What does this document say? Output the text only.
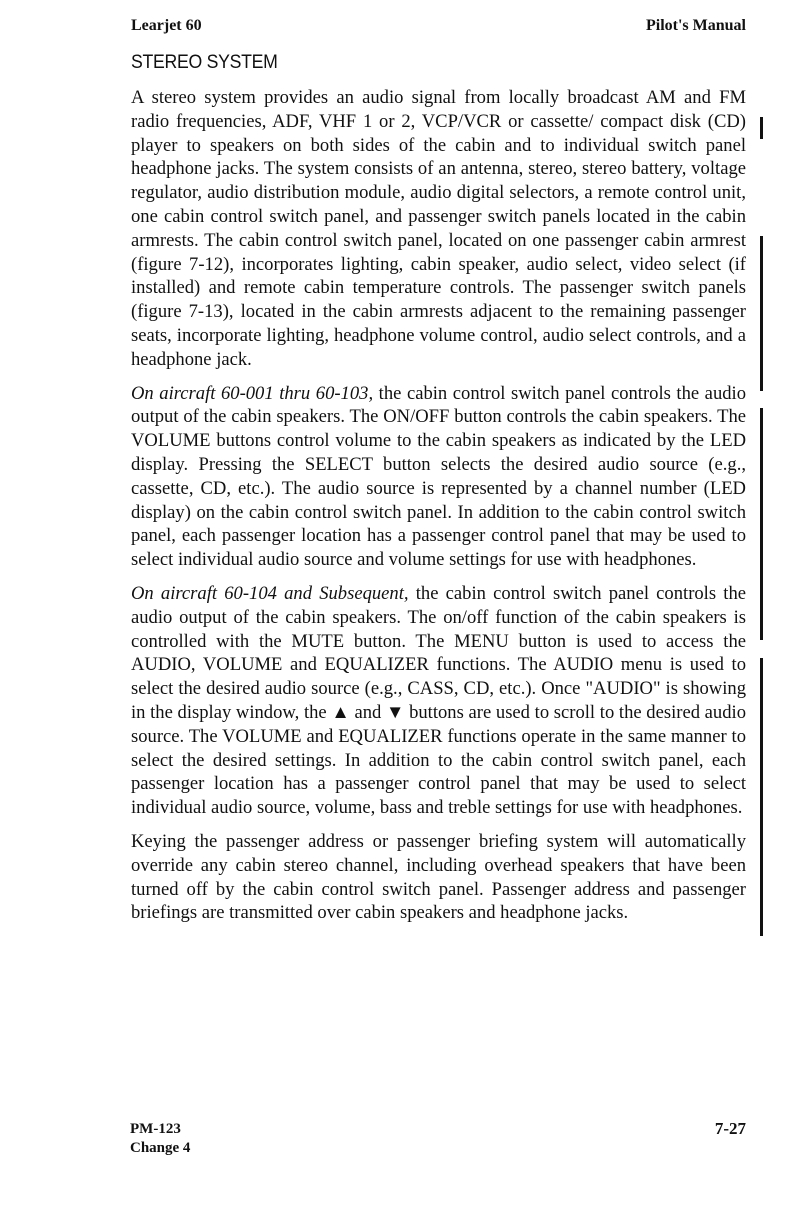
Learjet 60	Pilot's Manual
STEREO SYSTEM

A stereo system provides an audio signal from locally broadcast AM and FM radio frequencies, ADF, VHF 1 or 2, VCP/VCR or cassette/ compact disk (CD) player to speakers on both sides of the cabin and to individual switch panel headphone jacks. The system consists of an antenna, stereo, stereo battery, voltage regulator, audio distribution module, audio digital selectors, a remote control unit, one cabin control switch panel, and passenger switch panels located in the cabin armrests. The cabin control switch panel, located on one passenger cabin armrest (figure 7-12), incorporates lighting, cabin speaker, audio select, video select (if installed) and remote cabin temperature controls. The passenger switch panels (figure 7-13), located in the cabin armrests adjacent to the remaining passenger seats, incorporate lighting, headphone volume control, audio select controls, and a headphone jack.

On aircraft 60-001 thru 60-103, the cabin control switch panel controls the audio output of the cabin speakers. The ON/OFF button controls the cabin speakers. The VOLUME buttons control volume to the cabin speakers as indicated by the LED display. Pressing the SELECT button selects the desired audio source (e.g., cassette, CD, etc.). The audio source is represented by a channel number (LED display) on the cabin control switch panel. In addition to the cabin control switch panel, each passenger location has a passenger control panel that may be used to select individual audio source and volume settings for use with headphones.

On aircraft 60-104 and Subsequent, the cabin control switch panel controls the audio output of the cabin speakers. The on/off function of the cabin speakers is controlled with the MUTE button. The MENU button is used to access the AUDIO, VOLUME and EQUALIZER functions. The AUDIO menu is used to select the desired audio source (e.g., CASS, CD, etc.). Once "AUDIO" is showing in the display window, the ▲ and ▼ buttons are used to scroll to the desired audio source. The VOLUME and EQUALIZER functions operate in the same manner to select the desired settings. In addition to the cabin control switch panel, each passenger location has a passenger control panel that may be used to select individual audio source, volume, bass and treble settings for use with headphones.

Keying the passenger address or passenger briefing system will automatically override any cabin stereo channel, including overhead speakers that have been turned off by the cabin control switch panel. Passenger address and passenger briefings are transmitted over cabin speakers and headphone jacks.

PM-123
Change 4
7-27
